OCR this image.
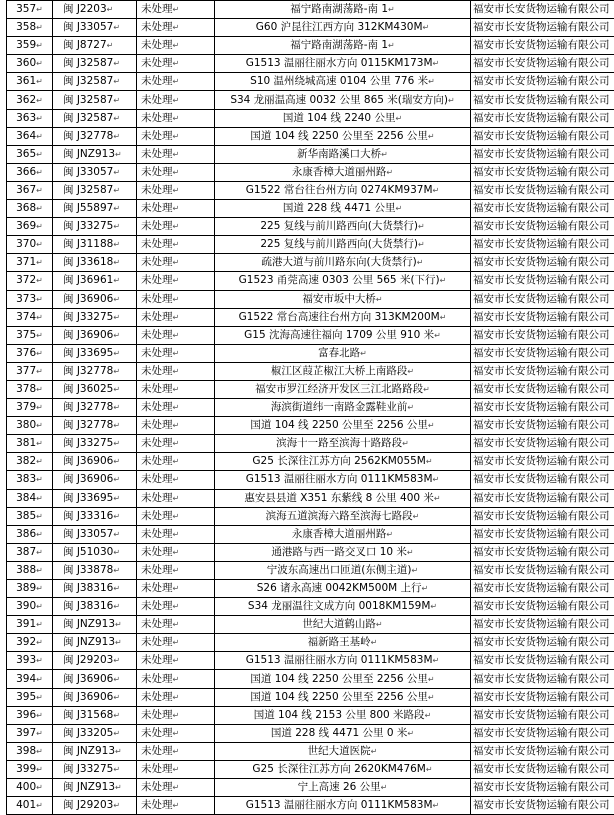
357↵	闽 J2203↵	未处理↵	福宁路南湖荡路-南 1↵	福安市长安货物运输有限公司
358↵	闽 J33057↵	未处理↵	G60 沪昆往江西方向 312KM430M↵	福安市长安货物运输有限公司
359↵	闽 J8727↵	未处理↵	福宁路南湖荡路-南 1↵	福安市长安货物运输有限公司
360↵	闽 J32587↵	未处理↵	G1513 温丽往丽水方向 0115KM173M↵	福安市长安货物运输有限公司
361↵	闽 J32587↵	未处理↵	S10 温州绕城高速 0104 公里 776 米↵	福安市长安货物运输有限公司
362↵	闽 J32587↵	未处理↵	S34 龙丽温高速 0032 公里 865 米(瑞安方向)↵	福安市长安货物运输有限公司
363↵	闽 J32587↵	未处理↵	国道 104 线 2240 公里↵	福安市长安货物运输有限公司
364↵	闽 J32778↵	未处理↵	国道 104 线 2250 公里至 2256 公里↵	福安市长安货物运输有限公司
365↵	闽 JNZ913↵	未处理↵	新华南路溪口大桥↵	福安市长安货物运输有限公司
366↵	闽 J33057↵	未处理↵	永康香樟大道丽州路↵	福安市长安货物运输有限公司
367↵	闽 J32587↵	未处理↵	G1522 常台往台州方向 0274KM937M↵	福安市长安货物运输有限公司
368↵	闽 J55897↵	未处理↵	国道 228 线 4471 公里↵	福安市长安货物运输有限公司
369↵	闽 J33275↵	未处理↵	225 复线与前川路西向(大货禁行)↵	福安市长安货物运输有限公司
370↵	闽 J31188↵	未处理↵	225 复线与前川路西向(大货禁行)↵	福安市长安货物运输有限公司
371↵	闽 J33618↵	未处理↵	疏港大道与前川路东向(大货禁行)↵	福安市长安货物运输有限公司
372↵	闽 J36961↵	未处理↵	G1523 甬莞高速 0303 公里 565 米(下行)↵	福安市长安货物运输有限公司
373↵	闽 J36906↵	未处理↵	福安市坂中大桥↵	福安市长安货物运输有限公司
374↵	闽 J33275↵	未处理↵	G1522 常台高速往台州方向 313KM200M↵	福安市长安货物运输有限公司
375↵	闽 J36906↵	未处理↵	G15 沈海高速往福向 1709 公里 910 米↵	福安市长安货物运输有限公司
376↵	闽 J33695↵	未处理↵	富春北路↵	福安市长安货物运输有限公司
377↵	闽 J32778↵	未处理↵	椒江区葭芷椒江大桥上南路段↵	福安市长安货物运输有限公司
378↵	闽 J36025↵	未处理↵	福安市罗江经济开发区三江北路路段↵	福安市长安货物运输有限公司
379↵	闽 J32778↵	未处理↵	海滨街道纬一南路金露鞋业前↵	福安市长安货物运输有限公司
380↵	闽 J32778↵	未处理↵	国道 104 线 2250 公里至 2256 公里↵	福安市长安货物运输有限公司
381↵	闽 J33275↵	未处理↵	滨海十一路至滨海十路路段↵	福安市长安货物运输有限公司
382↵	闽 J36906↵	未处理↵	G25 长深往江苏方向 2562KM055M↵	福安市长安货物运输有限公司
383↵	闽 J36906↵	未处理↵	G1513 温丽往丽水方向 0111KM583M↵	福安市长安货物运输有限公司
384↵	闽 J33695↵	未处理↵	惠安县县道 X351 东紫线 8 公里 400 米↵	福安市长安货物运输有限公司
385↵	闽 J33316↵	未处理↵	滨海五道滨海六路至滨海七路段↵	福安市长安货物运输有限公司
386↵	闽 J33057↵	未处理↵	永康香樟大道丽州路↵	福安市长安货物运输有限公司
387↵	闽 J51030↵	未处理↵	通港路与西一路交叉口 10 米↵	福安市长安货物运输有限公司
388↵	闽 J33878↵	未处理↵	宁波东高速出口匝道(东侧主道)↵	福安市长安货物运输有限公司
389↵	闽 J38316↵	未处理↵	S26 诸永高速 0042KM500M 上行↵	福安市长安货物运输有限公司
390↵	闽 J38316↵	未处理↵	S34 龙丽温往文成方向 0018KM159M↵	福安市长安货物运输有限公司
391↵	闽 JNZ913↵	未处理↵	世纪大道鹤山路↵	福安市长安货物运输有限公司
392↵	闽 JNZ913↵	未处理↵	福新路王基岭↵	福安市长安货物运输有限公司
393↵	闽 J29203↵	未处理↵	G1513 温丽往丽水方向 0111KM583M↵	福安市长安货物运输有限公司
394↵	闽 J36906↵	未处理↵	国道 104 线 2250 公里至 2256 公里↵	福安市长安货物运输有限公司
395↵	闽 J36906↵	未处理↵	国道 104 线 2250 公里至 2256 公里↵	福安市长安货物运输有限公司
396↵	闽 J31568↵	未处理↵	国道 104 线 2153 公里 800 米路段↵	福安市长安货物运输有限公司
397↵	闽 J33205↵	未处理↵	国道 228 线 4471 公里 0 米↵	福安市长安货物运输有限公司
398↵	闽 JNZ913↵	未处理↵	世纪大道医院↵	福安市长安货物运输有限公司
399↵	闽 J33275↵	未处理↵	G25 长深往江苏方向 2620KM476M↵	福安市长安货物运输有限公司
400↵	闽 JNZ913↵	未处理↵	宁上高速 26 公里↵	福安市长安货物运输有限公司
401↵	闽 J29203↵	未处理↵	G1513 温丽往丽水方向 0111KM583M↵	福安市长安货物运输有限公司
